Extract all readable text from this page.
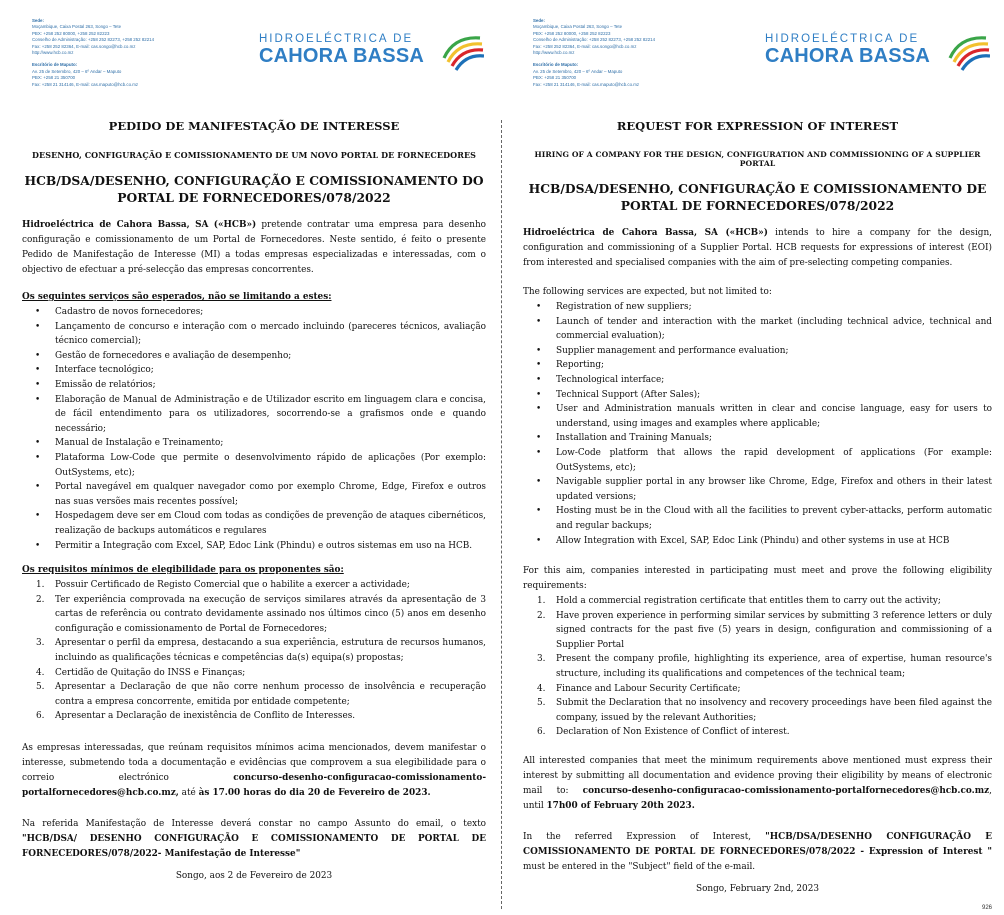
Sede:
Moçambique, Caixa Postal 263, Songo – Tete
PBX: +258 252 80000, +258 252 82223
Conselho de Administração: +258 252 82273, +258 252 82214
Fax: +258 252 82364, E-mail: cas.songo@hcb.co.mz
http://www.hcb.co.mz
Escritório de Maputo:
Av. 25 de Setembro, 420 – 6º Andar – Maputo
PBX: +258 21 350700
Fax: +258 21 314146, E-mail: cas.maputo@hcb.co.mz
HIDROELÉCTRICA DE
CAHORA BASSA
PEDIDO DE MANIFESTAÇÃO DE INTERESSE
DESENHO, CONFIGURAÇÃO E COMISSIONAMENTO DE UM NOVO PORTAL DE FORNECEDORES
HCB/DSA/DESENHO, CONFIGURAÇÃO E COMISSIONAMENTO DO PORTAL DE FORNECEDORES/078/2022

Hidroeléctrica de Cahora Bassa, SA («HCB») pretende contratar uma empresa para desenho configuração e comissionamento de um Portal de Fornecedores. Neste sentido, é feito o presente Pedido de Manifestação de Interesse (MI) a todas empresas especializadas e interessadas, com o objectivo de efectuar a pré-selecção das empresas concorrentes.

Os seguintes serviços são esperados, não se limitando a estes:
• Cadastro de novos fornecedores;
• Lançamento de concurso e interação com o mercado incluindo (pareceres técnicos, avaliação técnico comercial);
• Gestão de fornecedores e avaliação de desempenho;
• Interface tecnológico;
• Emissão de relatórios;
• Elaboração de Manual de Administração e de Utilizador escrito em linguagem clara e concisa, de fácil entendimento para os utilizadores, socorrendo-se a grafismos onde e quando necessário;
• Manual de Instalação e Treinamento;
• Plataforma Low-Code que permite o desenvolvimento rápido de aplicações (Por exemplo: OutSystems, etc);
• Portal navegável em qualquer navegador como por exemplo Chrome, Edge, Firefox e outros nas suas versões mais recentes possível;
• Hospedagem deve ser em Cloud com todas as condições de prevenção de ataques cibernéticos, realização de backups automáticos e regulares
• Permitir a Integração com Excel, SAP, Edoc Link (Phindu) e outros sistemas em uso na HCB.
Os requisitos mínimos de elegibilidade para os proponentes são:
1. Possuir Certificado de Registo Comercial que o habilite a exercer a actividade;
2. Ter experiência comprovada na execução de serviços similares através da apresentação de 3 cartas de referência ou contrato devidamente assinado nos últimos cinco (5) anos em desenho configuração e comissionamento de Portal de Fornecedores;
3. Apresentar o perfil da empresa, destacando a sua experiência, estrutura de recursos humanos, incluindo as qualificações técnicas e competências da(s) equipa(s) propostas;
4. Certidão de Quitação do INSS e Finanças;
5. Apresentar a Declaração de que não corre nenhum processo de insolvência e recuperação contra a empresa concorrente, emitida por entidade competente;
6. Apresentar a Declaração de inexistência de Conflito de Interesses.

As empresas interessadas, que reúnam requisitos mínimos acima mencionados, devem manifestar o interesse, submetendo toda a documentação e evidências que comprovem a sua elegibilidade para o correio electrónico concurso-desenho-configuracao-comissionamento-portalfornecedores@hcb.co.mz, até às 17.00 horas do dia 20 de Fevereiro de 2023.

Na referida Manifestação de Interesse deverá constar no campo Assunto do email, o texto "HCB/DSA/ DESENHO CONFIGURAÇÃO E COMISSIONAMENTO DE PORTAL DE FORNECEDORES/078/2022- Manifestação de Interesse"

Songo, aos 2 de Fevereiro de 2023
Sede:
Moçambique, Caixa Postal 263, Songo – Tete
PBX: +258 252 80000, +258 252 82223
Conselho de Administração: +258 252 82273, +258 252 82214
Fax: +258 252 82364, E-mail: cas.songo@hcb.co.mz
http://www.hcb.co.mz
Escritório de Maputo:
Av. 25 de Setembro, 420 – 6º Andar – Maputo
PBX: +258 21 350700
Fax: +258 21 314146, E-mail: cas.maputo@hcb.co.mz
HIDROELÉCTRICA DE
CAHORA BASSA
REQUEST FOR EXPRESSION OF INTEREST
HIRING OF A COMPANY FOR THE DESIGN, CONFIGURATION AND COMMISSIONING OF A SUPPLIER PORTAL
HCB/DSA/DESENHO, CONFIGURAÇÃO E COMISSIONAMENTO DE PORTAL DE FORNECEDORES/078/2022

Hidroeléctrica de Cahora Bassa, SA («HCB») intends to hire a company for the design, configuration and commissioning of a Supplier Portal. HCB requests for expressions of interest (EOI) from interested and specialised companies with the aim of pre-selecting competing companies.

The following services are expected, but not limited to:

• Registration of new suppliers;
• Launch of tender and interaction with the market (including technical advice, technical and commercial evaluation);
• Supplier management and performance evaluation;
• Reporting;
• Technological interface;
• Technical Support (After Sales);
• User and Administration manuals written in clear and concise language, easy for users to understand, using images and examples where applicable;
• Installation and Training Manuals;
• Low-Code platform that allows the rapid development of applications (For example: OutSystems, etc);
• Navigable supplier portal in any browser like Chrome, Edge, Firefox and others in their latest updated versions;
• Hosting must be in the Cloud with all the facilities to prevent cyber-attacks, perform automatic and regular backups;
• Allow Integration with Excel, SAP, Edoc Link (Phindu) and other systems in use at HCB

For this aim, companies interested in participating must meet and prove the following eligibility requirements:

1. Hold a commercial registration certificate that entitles them to carry out the activity;
2. Have proven experience in performing similar services by submitting 3 reference letters or duly signed contracts for the past five (5) years in design, configuration and commissioning of a Supplier Portal
3. Present the company profile, highlighting its experience, area of expertise, human resource's structure, including its qualifications and competences of the technical team;
4. Finance and Labour Security Certificate;
5. Submit the Declaration that no insolvency and recovery proceedings have been filed against the company, issued by the relevant Authorities;
6. Declaration of Non Existence of Conflict of interest.

All interested companies that meet the minimum requirements above mentioned must express their interest by submitting all documentation and evidence proving their eligibility by means of electronic mail to: concurso-desenho-configuracao-comissionamento-portalfornecedores@hcb.co.mz, until 17h00 of February 20th 2023.

In the referred Expression of Interest, "HCB/DSA/DESENHO CONFIGURAÇÃO E COMISSIONAMENTO DE PORTAL DE FORNECEDORES/078/2022 - Expression of Interest " must be entered in the "Subject" field of the e-mail.

Songo, February 2nd, 2023
926
